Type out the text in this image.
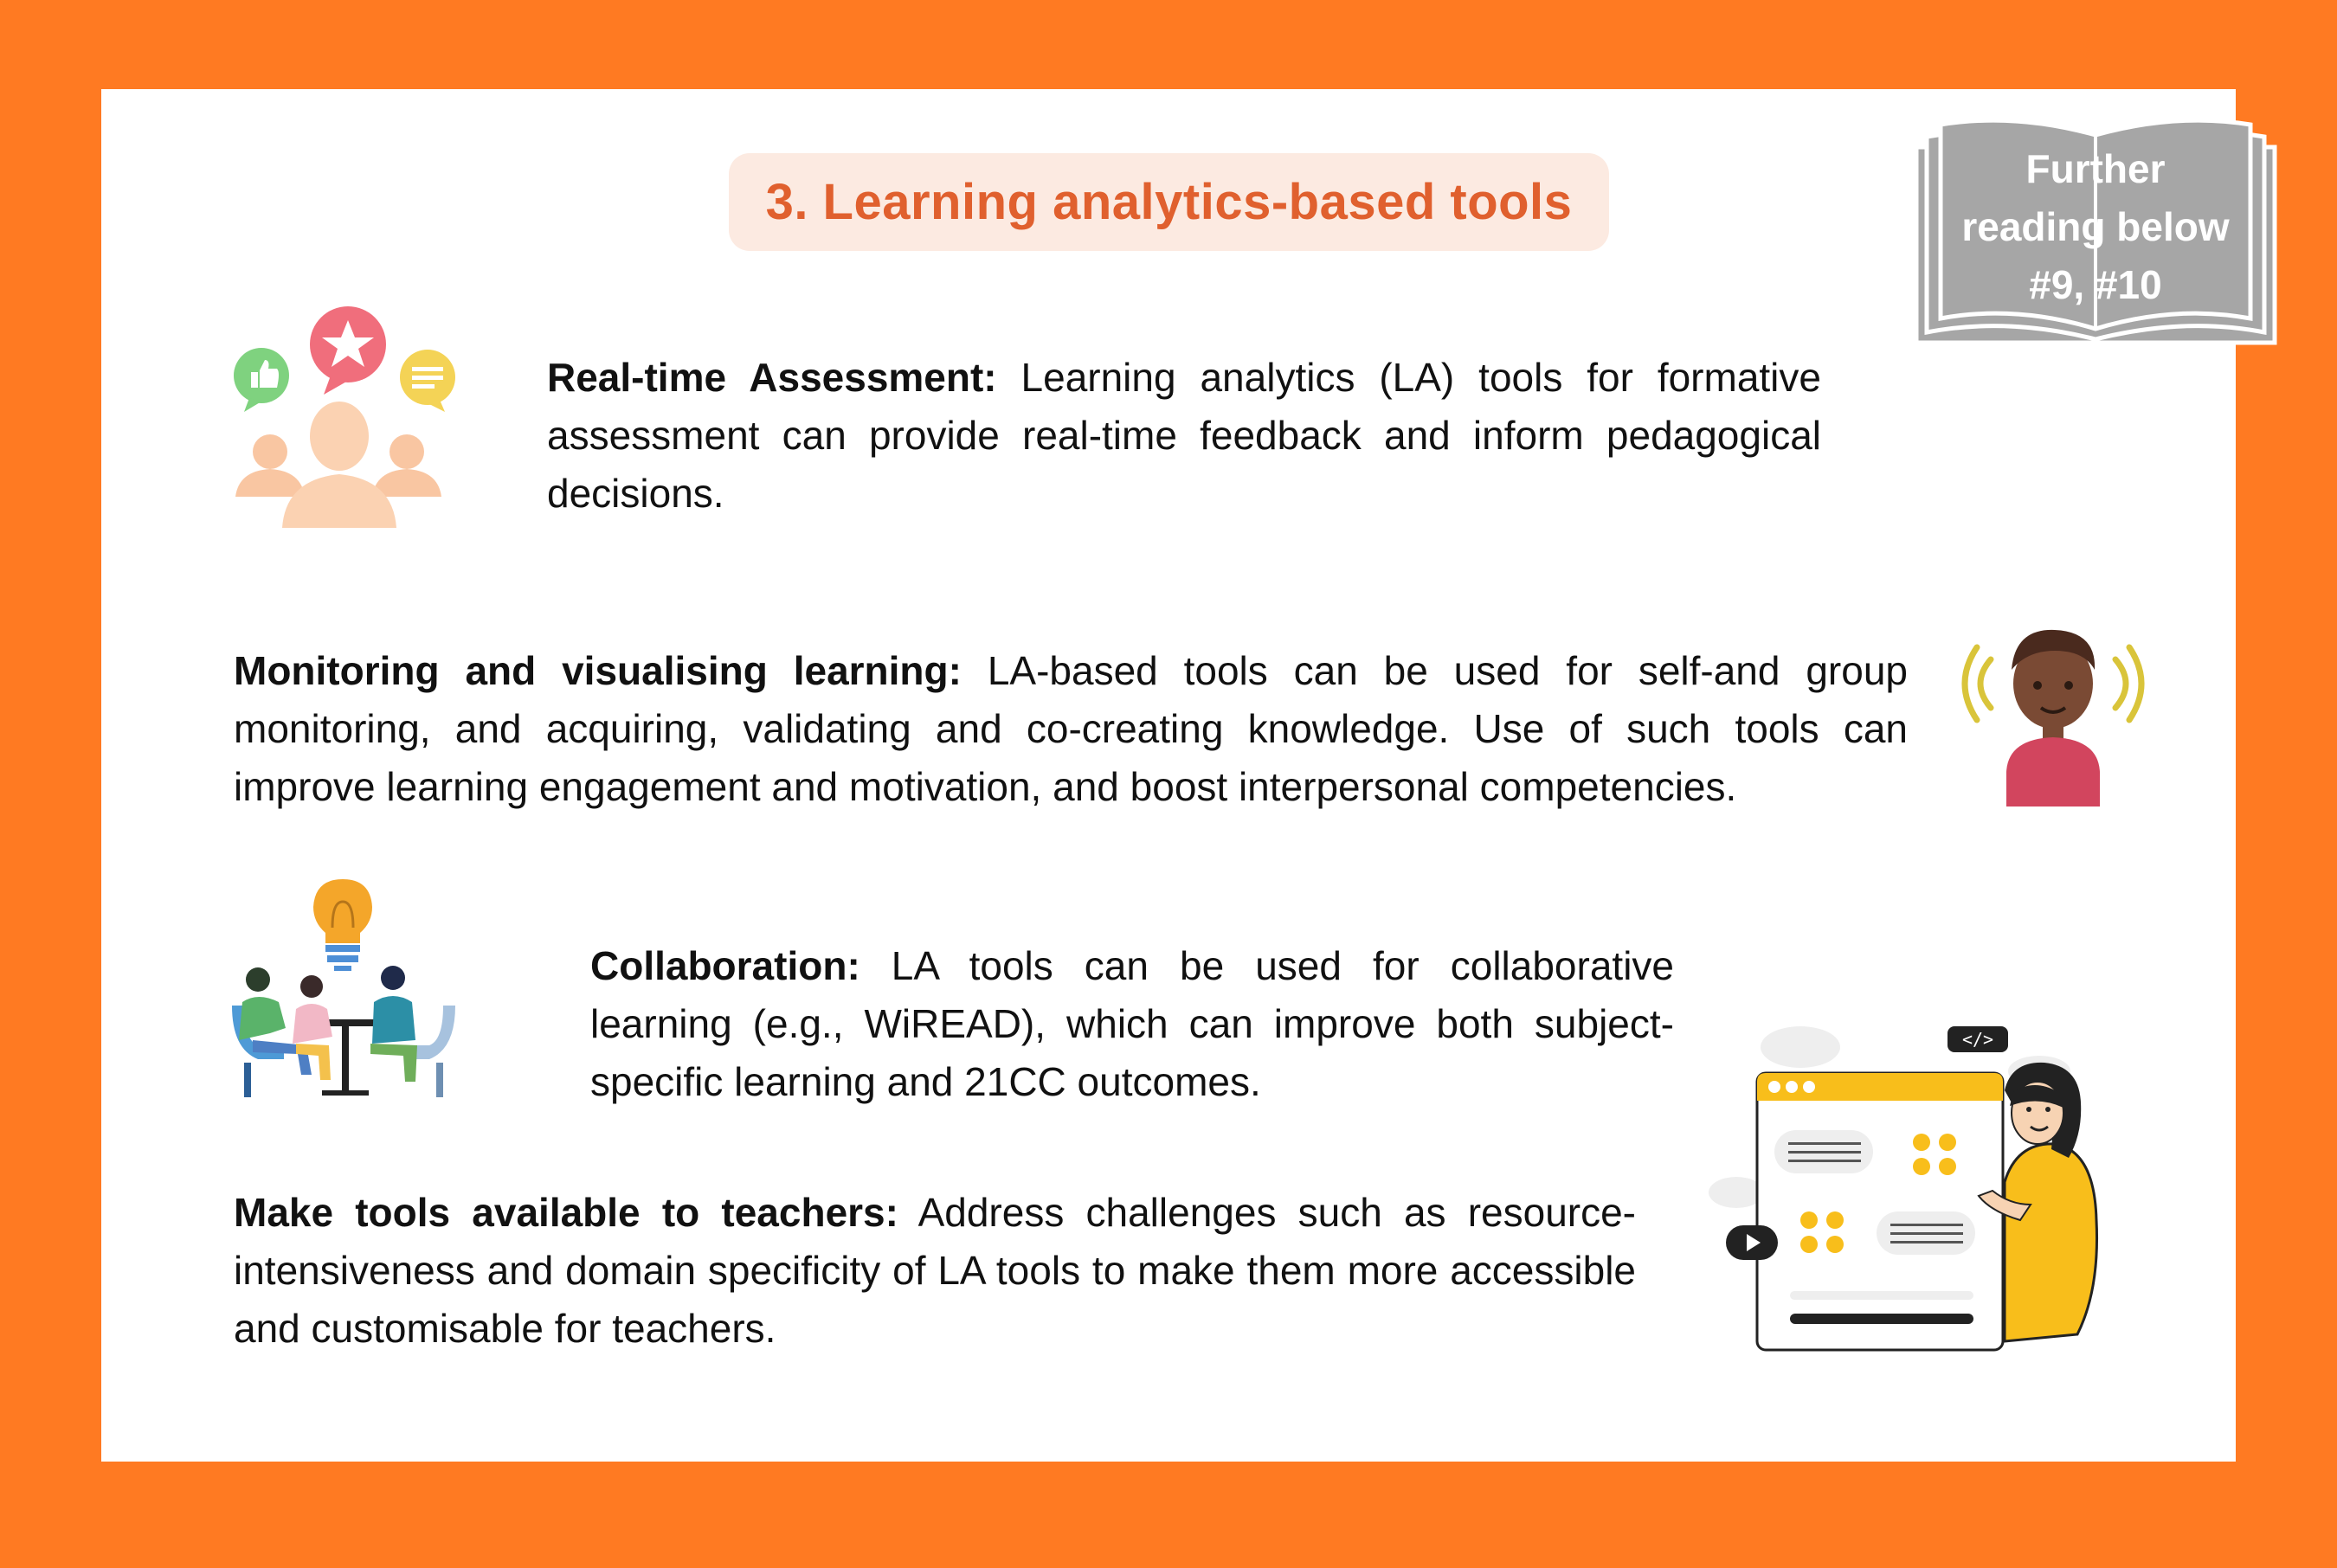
3. Learning analytics-based tools
Further
reading below
#9, #10
</>
Real-time Assessment: Learning analytics (LA) tools for formative assessment can provide real-time feedback and inform pedagogical decisions.
Monitoring and visualising learning: LA-based tools can be used for self-and group monitoring, and acquiring, validating and co-creating knowledge. Use of such tools can improve learning engagement and motivation, and boost interpersonal competencies.
Collaboration: LA tools can be used for collaborative learning (e.g., WiREAD), which can improve both subject-specific learning and 21CC outcomes.
Make tools available to teachers: Address challenges such as resource-intensiveness and domain specificity of LA tools to make them more accessible and customisable for teachers.
